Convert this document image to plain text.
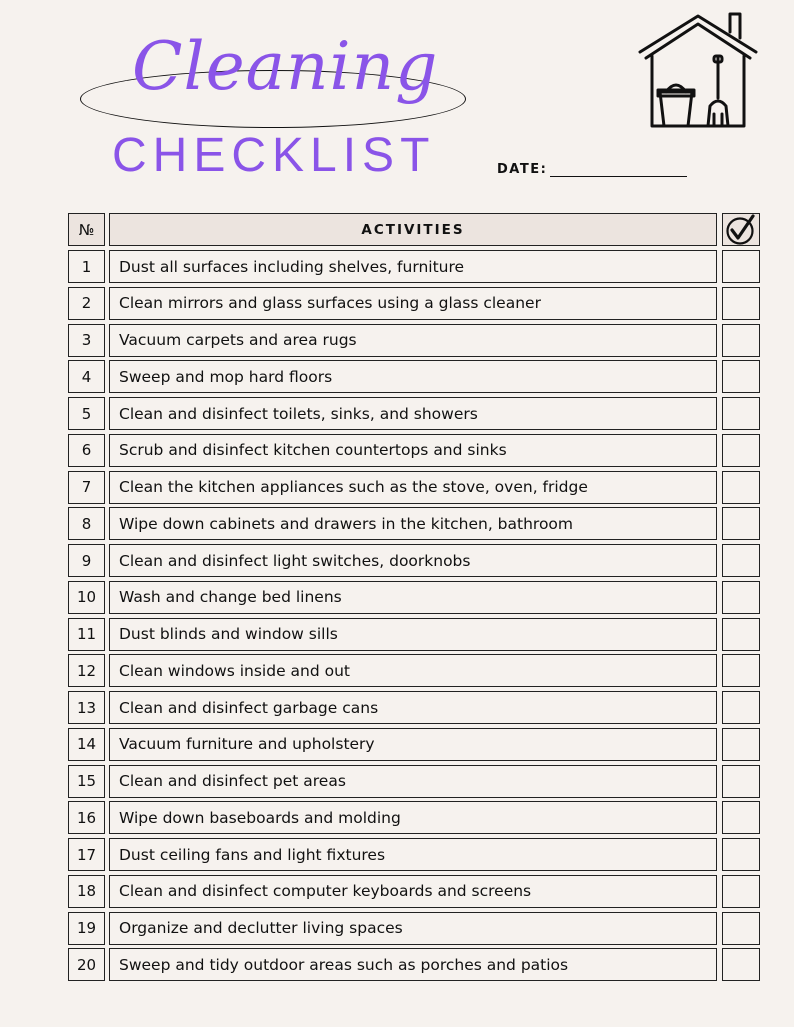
Cleaning
CHECKLIST	DATE:
№	ACTIVITIES
1	Dust all surfaces including shelves, furniture
2	Clean mirrors and glass surfaces using a glass cleaner
3	Vacuum carpets and area rugs
4	Sweep and mop hard floors
5	Clean and disinfect toilets, sinks, and showers
6	Scrub and disinfect kitchen countertops and sinks
7	Clean the kitchen appliances such as the stove, oven, fridge
8	Wipe down cabinets and drawers in the kitchen, bathroom
9	Clean and disinfect light switches, doorknobs
10	Wash and change bed linens
11	Dust blinds and window sills
12	Clean windows inside and out
13	Clean and disinfect garbage cans
14	Vacuum furniture and upholstery
15	Clean and disinfect pet areas
16	Wipe down baseboards and molding
17	Dust ceiling fans and light fixtures
18	Clean and disinfect computer keyboards and screens
19	Organize and declutter living spaces
20	Sweep and tidy outdoor areas such as porches and patios
